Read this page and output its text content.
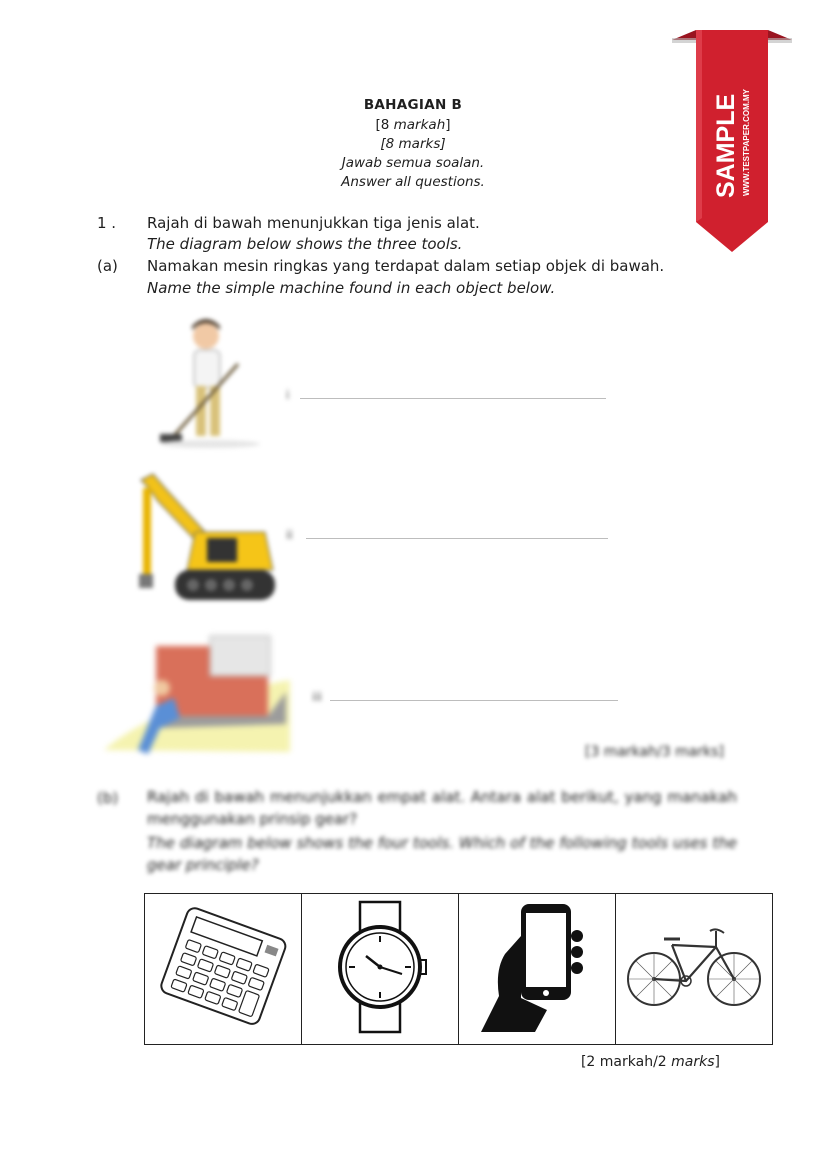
BAHAGIAN B
[8 markah]
[8 marks]
Jawab semua soalan.
Answer all questions.	SAMPLE WWW.TESTPAPER.COM.MY
1 . Rajah di bawah menunjukkan tiga jenis alat.
The diagram below shows the three tools.
(a) Namakan mesin ringkas yang terdapat dalam setiap objek di bawah.
Name the simple machine found in each object below.
i
ii
iii
[3 markah/3 marks]
(b) Rajah di bawah menunjukkan empat alat. Antara alat berikut, yang manakah menggunakan prinsip gear?
The diagram below shows the four tools. Which of the following tools uses the gear principle?

[2 markah/2 marks]
